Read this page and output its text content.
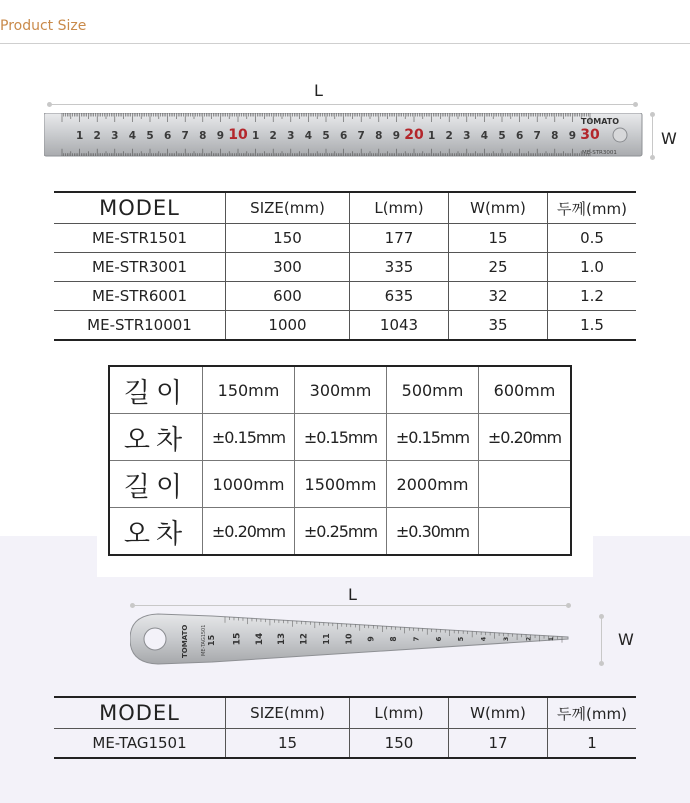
Product Size
L
W
1 2 3 4 5 6 7 8 9 10 1 2 3 4 5 6 7 8 9 20 1 2 3 4 5 6 7 8 9 30
TOMATO
ME-STR3001
MODEL	SIZE(mm)	L(mm)	W(mm)	두께(mm)
ME-STR1501	150	177	15	0.5
ME-STR3001	300	335	25	1.0
ME-STR6001	600	635	32	1.2
ME-STR10001	1000	1043	35	1.5
길이	150mm	300mm	500mm	600mm
오차	±0.15mm	±0.15mm	±0.15mm	±0.20mm
길이	1000mm	1500mm	2000mm	
오차	±0.20mm	±0.25mm	±0.30mm	
L
W
15 14 13 12 11 10 9 8 7 6 5 4 3	2	1
TOMATO ME-TAG1501 15
MODEL	SIZE(mm)	L(mm)	W(mm)	두께(mm)
ME-TAG1501	15	150	17	1
